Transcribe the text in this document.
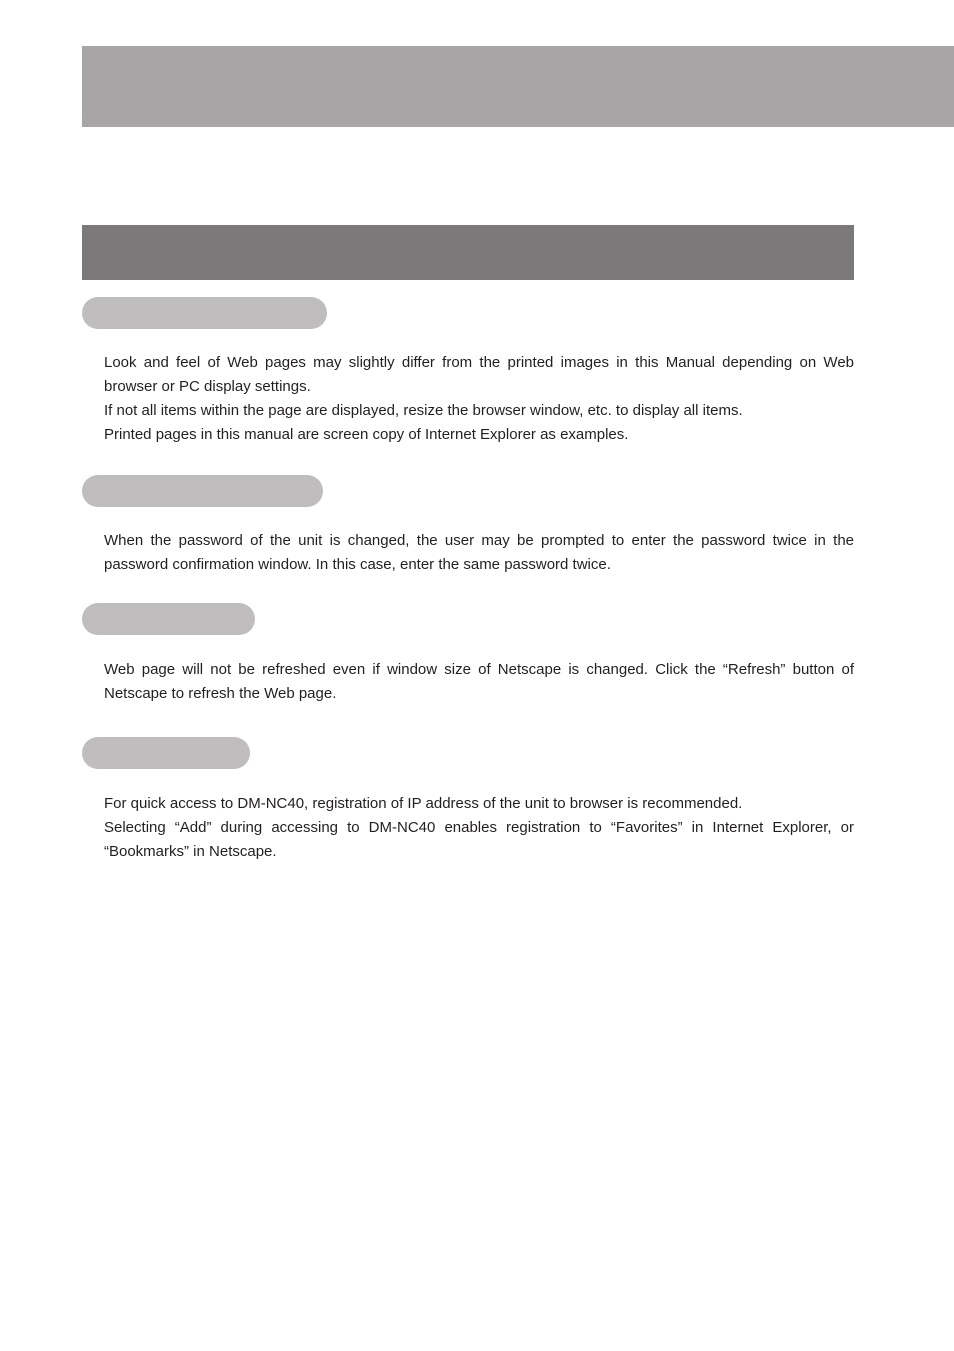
Look and feel of Web pages may slightly differ from the printed images in this Manual depending on Web browser or PC display settings.
If not all items within the page are displayed, resize the browser window, etc. to display all items.
Printed pages in this manual are screen copy of Internet Explorer as examples.

When the password of the unit is changed, the user may be prompted to enter the password twice in the password confirmation window. In this case, enter the same password twice.

Web page will not be refreshed even if window size of Netscape is changed. Click the “Refresh” button of Netscape to refresh the Web page.

For quick access to DM-NC40, registration of IP address of the unit to browser is recommended.
Selecting “Add” during accessing to DM-NC40 enables registration to “Favorites” in Internet Explorer, or “Bookmarks” in Netscape.
